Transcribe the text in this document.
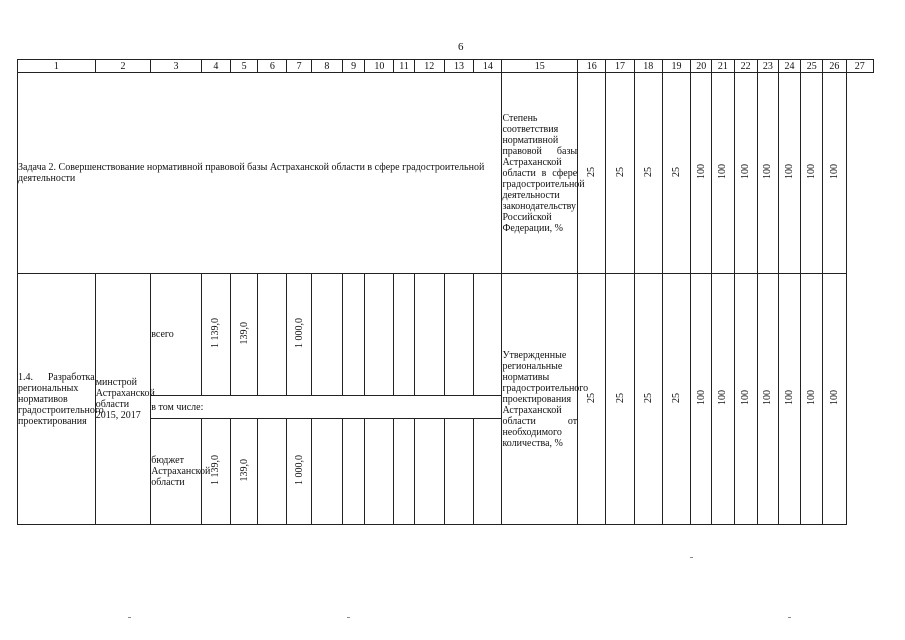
6
1	2	3	4	5	6	7	8	9	10	11	12	13	14	15	16	17	18	19	20	21	22	23	24	25	26	27
Задача 2. Совершенствование нормативной правовой базы Астраханской области в сфере градостроительной деятельности														Степень соответствия нормативной правовой базы Астраханской области в сфере градостроительной деятельности законодательству Российской Федерации, %	25	25	25	25	100	100	100	100	100	100	100	
1.4. Разработка региональных нормативов градостроительного проектирования	минстрой Астраханской области 2015, 2017	всего	1 139,0	139,0		1 000,0								Утвержденные региональные нормативы градостроительного проектирования Астраханской области от необходимого количества, %	25	25	25	25	100	100	100	100	100	100	100	
		в том числе:																								
		бюджет Астраханской области	1 139,0	139,0		1 000,0																				
